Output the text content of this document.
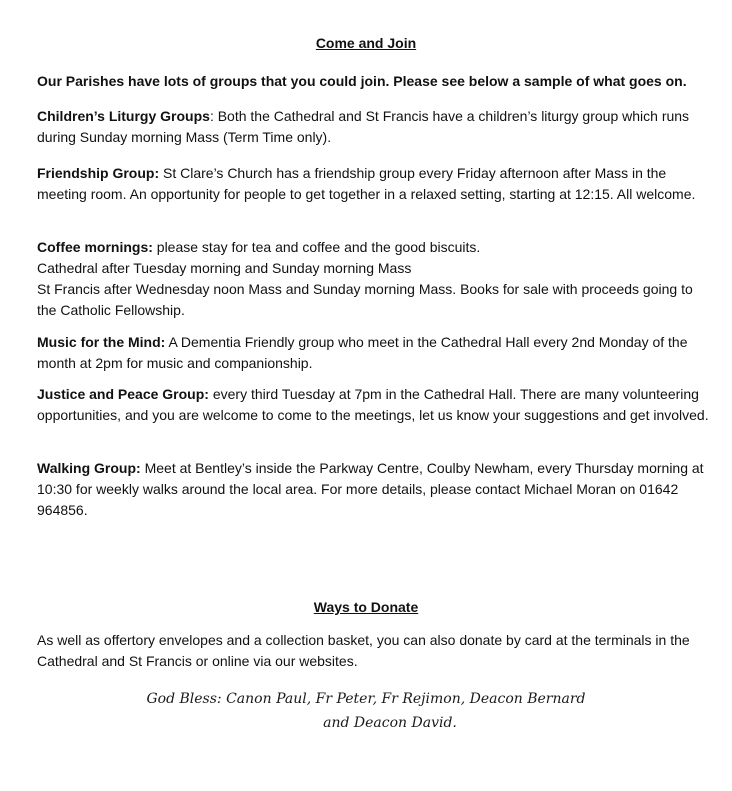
Come and Join
Our Parishes have lots of groups that you could join. Please see below a sample of what goes on.

Children’s Liturgy Groups: Both the Cathedral and St Francis have a children’s liturgy group which runs during Sunday morning Mass (Term Time only).

Friendship Group: St Clare’s Church has a friendship group every Friday afternoon after Mass in the meeting room. An opportunity for people to get together in a relaxed setting, starting at 12:15. All welcome.

Coffee mornings: please stay for tea and coffee and the good biscuits.

Cathedral after Tuesday morning and Sunday morning Mass

St Francis after Wednesday noon Mass and Sunday morning Mass. Books for sale with proceeds going to the Catholic Fellowship.

Music for the Mind: A Dementia Friendly group who meet in the Cathedral Hall every 2nd Monday of the month at 2pm for music and companionship.

Justice and Peace Group: every third Tuesday at 7pm in the Cathedral Hall. There are many volunteering opportunities, and you are welcome to come to the meetings, let us know your suggestions and get involved.

Walking Group: Meet at Bentley’s inside the Parkway Centre, Coulby Newham, every Thursday morning at 10:30 for weekly walks around the local area. For more details, please contact Michael Moran on 01642 964856.

Ways to Donate

As well as offertory envelopes and a collection basket, you can also donate by card at the terminals in the Cathedral and St Francis or online via our websites.

God Bless: Canon Paul, Fr Peter, Fr Rejimon, Deacon Bernard
and Deacon David.
